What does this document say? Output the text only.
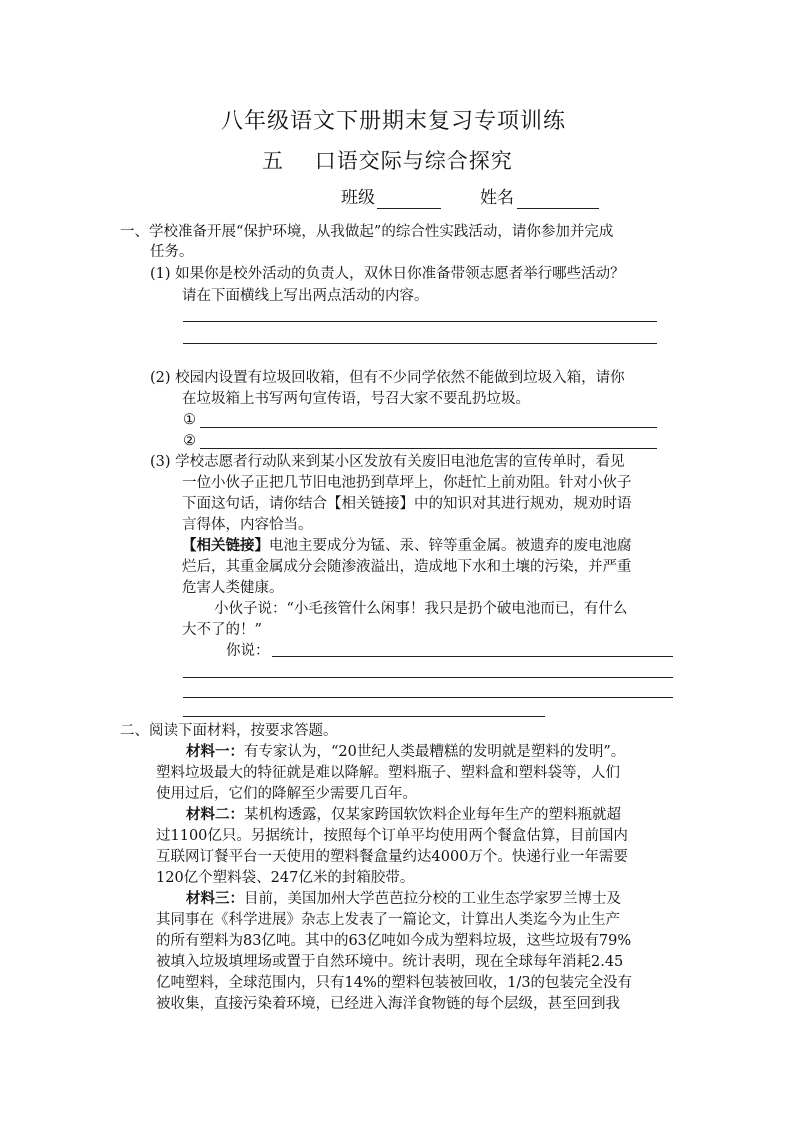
八年级语文下册期末复习专项训练
五    口语交际与综合探究
班级	姓名
一、学校准备开展“保护环境，从我做起”的综合性实践活动，请你参加并完成
任务。
(1) 如果你是校外活动的负责人，双休日你准备带领志愿者举行哪些活动？
请在下面横线上写出两点活动的内容。
(2) 校园内设置有垃圾回收箱，但有不少同学依然不能做到垃圾入箱，请你
在垃圾箱上书写两句宣传语，号召大家不要乱扔垃圾。
①
②
(3) 学校志愿者行动队来到某小区发放有关废旧电池危害的宣传单时，看见
一位小伙子正把几节旧电池扔到草坪上，你赶忙上前劝阻。针对小伙子
下面这句话，请你结合【相关链接】中的知识对其进行规劝，规劝时语
言得体，内容恰当。
【相关链接】电池主要成分为锰、汞、锌等重金属。被遗弃的废电池腐
烂后，其重金属成分会随渗液溢出，造成地下水和土壤的污染，并严重
危害人类健康。
小伙子说：“小毛孩管什么闲事！我只是扔个破电池而已，有什么
大不了的！”
你说：
二、阅读下面材料，按要求答题。
材料一：有专家认为，“20世纪人类最糟糕的发明就是塑料的发明”。
塑料垃圾最大的特征就是难以降解。塑料瓶子、塑料盒和塑料袋等，人们
使用过后，它们的降解至少需要几百年。
材料二：某机构透露，仅某家跨国软饮料企业每年生产的塑料瓶就超
过1100亿只。另据统计，按照每个订单平均使用两个餐盒估算，目前国内
互联网订餐平台一天使用的塑料餐盒量约达4000万个。快递行业一年需要
120亿个塑料袋、247亿米的封箱胶带。
材料三：目前，美国加州大学芭芭拉分校的工业生态学家罗兰博士及
其同事在《科学进展》杂志上发表了一篇论文，计算出人类迄今为止生产
的所有塑料为83亿吨。其中的63亿吨如今成为塑料垃圾，这些垃圾有79%
被填入垃圾填埋场或置于自然环境中。统计表明，现在全球每年消耗2.45
亿吨塑料，全球范围内，只有14%的塑料包装被回收，1/3的包装完全没有
被收集，直接污染着环境，已经进入海洋食物链的每个层级，甚至回到我
